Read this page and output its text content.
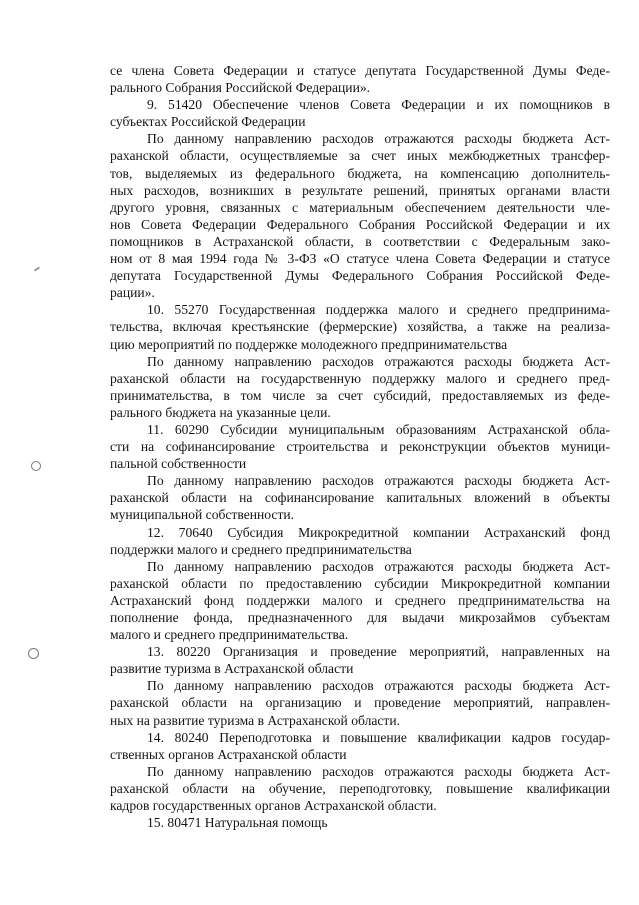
се члена Совета Федерации и статусе депутата Государственной Думы Феде-
рального Собрания Российской Федерации».
9. 51420 Обеспечение членов Совета Федерации и их помощников в
субъектах Российской Федерации
По данному направлению расходов отражаются расходы бюджета Аст-
раханской области, осуществляемые за счет иных межбюджетных трансфер-
тов, выделяемых из федерального бюджета, на компенсацию дополнитель-
ных расходов, возникших в результате решений, принятых органами власти
другого уровня, связанных с материальным обеспечением деятельности чле-
нов Совета Федерации Федерального Собрания Российской Федерации и их
помощников в Астраханской области, в соответствии с Федеральным зако-
ном от 8 мая 1994 года № 3-ФЗ «О статусе члена Совета Федерации и статусе
депутата Государственной Думы Федерального Собрания Российской Феде-
рации».
10. 55270 Государственная поддержка малого и среднего предпринима-
тельства, включая крестьянские (фермерские) хозяйства, а также на реализа-
цию мероприятий по поддержке молодежного предпринимательства
По данному направлению расходов отражаются расходы бюджета Аст-
раханской области на государственную поддержку малого и среднего пред-
принимательства, в том числе за счет субсидий, предоставляемых из феде-
рального бюджета на указанные цели.
11. 60290 Субсидии муниципальным образованиям Астраханской обла-
сти на софинансирование строительства и реконструкции объектов муници-
пальной собственности
По данному направлению расходов отражаются расходы бюджета Аст-
раханской области на софинансирование капитальных вложений в объекты
муниципальной собственности.
12. 70640 Субсидия Микрокредитной компании Астраханский фонд
поддержки малого и среднего предпринимательства
По данному направлению расходов отражаются расходы бюджета Аст-
раханской области по предоставлению субсидии Микрокредитной компании
Астраханский фонд поддержки малого и среднего предпринимательства на
пополнение фонда, предназначенного для выдачи микрозаймов субъектам
малого и среднего предпринимательства.
13. 80220 Организация и проведение мероприятий, направленных на
развитие туризма в Астраханской области
По данному направлению расходов отражаются расходы бюджета Аст-
раханской области на организацию и проведение мероприятий, направлен-
ных на развитие туризма в Астраханской области.
14. 80240 Переподготовка и повышение квалификации кадров государ-
ственных органов Астраханской области
По данному направлению расходов отражаются расходы бюджета Аст-
раханской области на обучение, переподготовку, повышение квалификации
кадров государственных органов Астраханской области.
15. 80471 Натуральная помощь
